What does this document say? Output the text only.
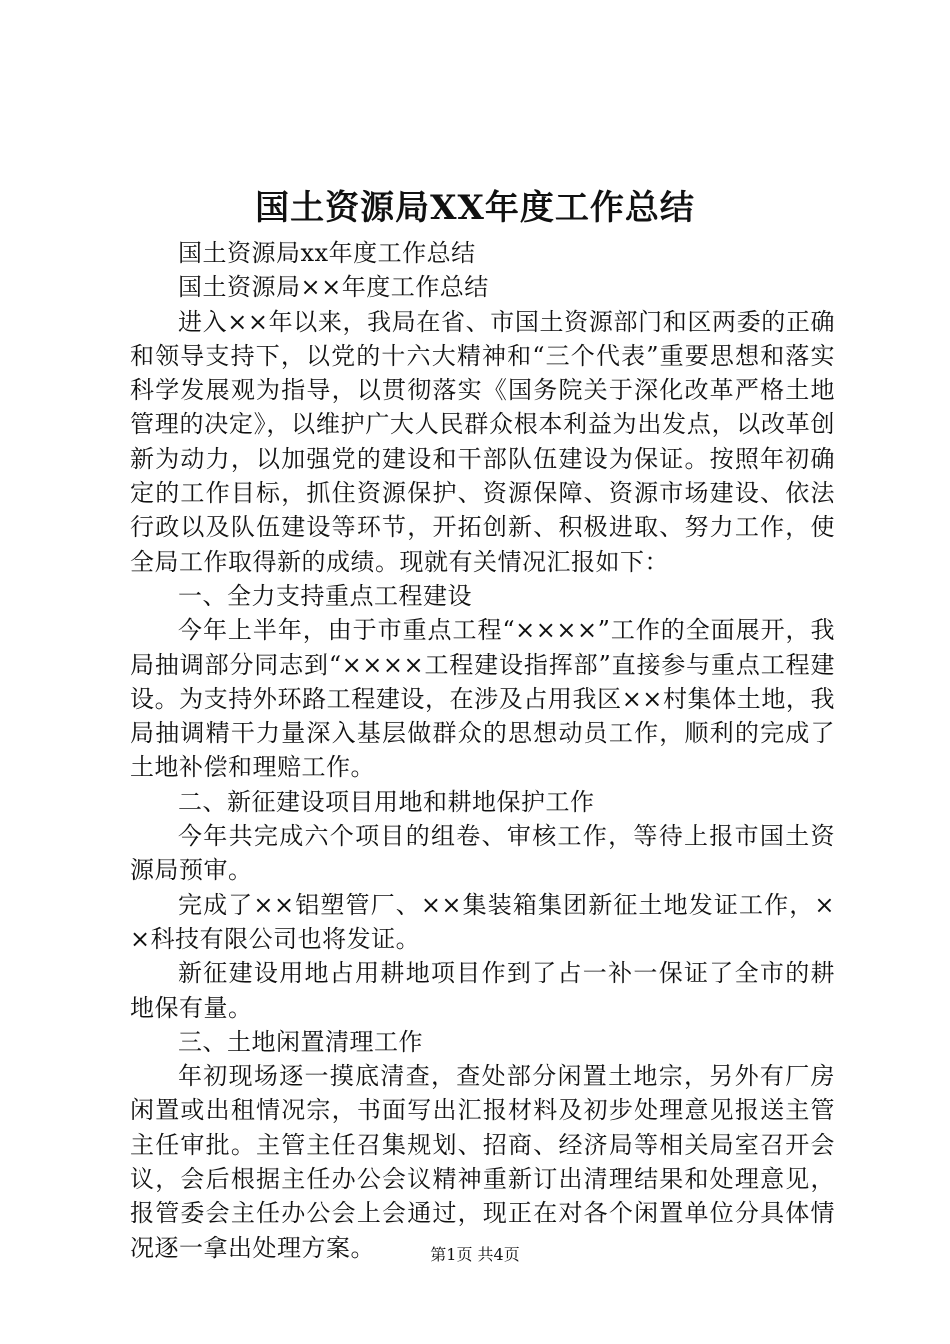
国土资源局XX年度工作总结

国土资源局xx年度工作总结

国土资源局××年度工作总结

进入××年以来，我局在省、市国土资源部门和区两委的正确和领导支持下，以党的十六大精神和“三个代表”重要思想和落实科学发展观为指导，以贯彻落实《国务院关于深化改革严格土地管理的决定》，以维护广大人民群众根本利益为出发点，以改革创新为动力，以加强党的建设和干部队伍建设为保证。按照年初确定的工作目标，抓住资源保护、资源保障、资源市场建设、依法行政以及队伍建设等环节，开拓创新、积极进取、努力工作，使全局工作取得新的成绩。现就有关情况汇报如下：

一、全力支持重点工程建设

今年上半年，由于市重点工程“××××”工作的全面展开，我局抽调部分同志到“××××工程建设指挥部”直接参与重点工程建设。为支持外环路工程建设，在涉及占用我区××村集体土地，我局抽调精干力量深入基层做群众的思想动员工作，顺利的完成了土地补偿和理赔工作。

二、新征建设项目用地和耕地保护工作

今年共完成六个项目的组卷、审核工作，等待上报市国土资源局预审。

完成了××铝塑管厂、××集装箱集团新征土地发证工作，××科技有限公司也将发证。

新征建设用地占用耕地项目作到了占一补一保证了全市的耕地保有量。

三、土地闲置清理工作

年初现场逐一摸底清查，查处部分闲置土地宗，另外有厂房闲置或出租情况宗，书面写出汇报材料及初步处理意见报送主管主任审批。主管主任召集规划、招商、经济局等相关局室召开会议，会后根据主任办公会议精神重新订出清理结果和处理意见，报管委会主任办公会上会通过，现正在对各个闲置单位分具体情况逐一拿出处理方案。	第1页 共4页
